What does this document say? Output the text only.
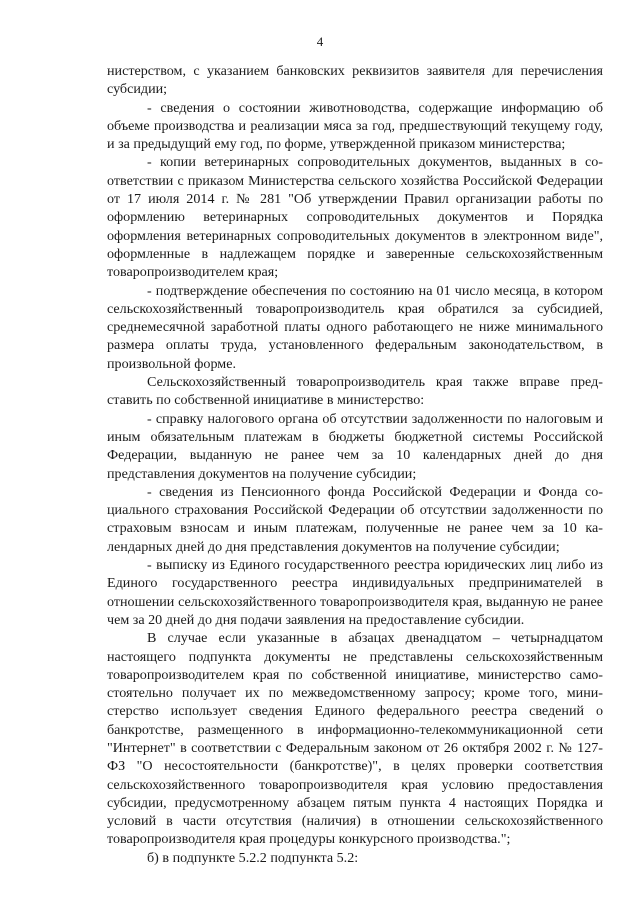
4

нистерством, с указанием банковских реквизитов заявителя для перечисления субсидии;

- сведения о состоянии животноводства, содержащие информацию об объеме производства и реализации мяса за год, предшествующий текущему году, и за предыдущий ему год, по форме, утвержденной приказом министерства;

- копии ветеринарных сопроводительных документов, выданных в соответствии с приказом Министерства сельского хозяйства Российской Федерации от 17 июля 2014 г. № 281 "Об утверждении Правил организации работы по оформлению ветеринарных сопроводительных документов и Порядка оформления ветеринарных сопроводительных документов в электронном виде", оформленные в надлежащем порядке и заверенные сельскохозяйственным товаропроизводителем края;

- подтверждение обеспечения по состоянию на 01 число месяца, в котором сельскохозяйственный товаропроизводитель края обратился за субсидией, среднемесячной заработной платы одного работающего не ниже минимального размера оплаты труда, установленного федеральным законодательством, в произвольной форме.

Сельскохозяйственный товаропроизводитель края также вправе представить по собственной инициативе в министерство:

- справку налогового органа об отсутствии задолженности по налоговым и иным обязательным платежам в бюджеты бюджетной системы Российской Федерации, выданную не ранее чем за 10 календарных дней до дня представления документов на получение субсидии;

- сведения из Пенсионного фонда Российской Федерации и Фонда социального страхования Российской Федерации об отсутствии задолженности по страховым взносам и иным платежам, полученные не ранее чем за 10 календарных дней до дня представления документов на получение субсидии;

- выписку из Единого государственного реестра юридических лиц либо из Единого государственного реестра индивидуальных предпринимателей в отношении сельскохозяйственного товаропроизводителя края, выданную не ранее чем за 20 дней до дня подачи заявления на предоставление субсидии.

В случае если указанные в абзацах двенадцатом – четырнадцатом настоящего подпункта документы не представлены сельскохозяйственным товаропроизводителем края по собственной инициативе, министерство самостоятельно получает их по межведомственному запросу; кроме того, министерство использует сведения Единого федерального реестра сведений о банкротстве, размещенного в информационно-телекоммуникационной сети "Интернет" в соответствии с Федеральным законом от 26 октября 2002 г. № 127-ФЗ "О несостоятельности (банкротстве)", в целях проверки соответствия сельскохозяйственного товаропроизводителя края условию предоставления субсидии, предусмотренному абзацем пятым пункта 4 настоящих Порядка и условий в части отсутствия (наличия) в отношении сельскохозяйственного товаропроизводителя края процедуры конкурсного производства.";

б) в подпункте 5.2.2 подпункта 5.2:
